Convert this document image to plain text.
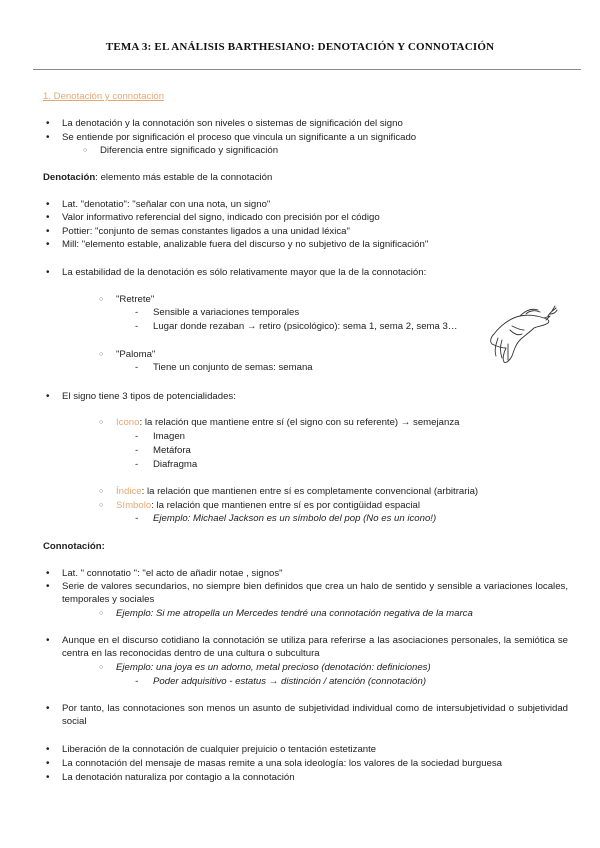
TEMA 3: EL ANÁLISIS BARTHESIANO: DENOTACIÓN Y CONNOTACIÓN
1. Denotación y connotación
• La denotación y la connotación son niveles o sistemas de significación del signo
• Se entiende por significación el proceso que vincula un significante a un significado
○ Diferencia entre significado y significación
Denotación: elemento más estable de la connotación
• Lat. "denotatio": "señalar con una nota, un signo"
• Valor informativo referencial del signo, indicado con precisión por el código
• Pottier: "conjunto de semas constantes ligados a una unidad léxica"
• Mill: "elemento estable, analizable fuera del discurso y no subjetivo de la significación"
• La estabilidad de la denotación es sólo relativamente mayor que la de la connotación:
○ "Retrete"
- Sensible a variaciones temporales
- Lugar donde rezaban → retiro (psicológico): sema 1, sema 2, sema 3…
○ "Paloma"
- Tiene un conjunto de semas: semana
• El signo tiene 3 tipos de potencialidades:
○ Icono: la relación que mantiene entre sí (el signo con su referente) → semejanza
- Imagen
- Metáfora
- Diafragma
○ Índice: la relación que mantienen entre sí es completamente convencional (arbitraria)
○ Símbolo: la relación que mantienen entre sí es por contigüidad espacial
- Ejemplo: Michael Jackson es un símbolo del pop (No es un icono!)
Connotación:
• Lat. " connotatio ": "el acto de añadir notae , signos"
• Serie de valores secundarios, no siempre bien definidos que crea un halo de sentido y sensible a variaciones locales, temporales y sociales
○ Ejemplo: Si me atropella un Mercedes tendré una connotación negativa de la marca
• Aunque en el discurso cotidiano la connotación se utiliza para referirse a las asociaciones personales, la semiótica se centra en las reconocidas dentro de una cultura o subcultura
○ Ejemplo: una joya es un adorno, metal precioso (denotación: definiciones)
- Poder adquisitivo - estatus → distinción / atención (connotación)
• Por tanto, las connotaciones son menos un asunto de subjetividad individual como de intersubjetividad o subjetividad social
• Liberación de la connotación de cualquier prejuicio o tentación estetizante
• La connotación del mensaje de masas remite a una sola ideología: los valores de la sociedad burguesa
• La denotación naturaliza por contagio a la connotación
